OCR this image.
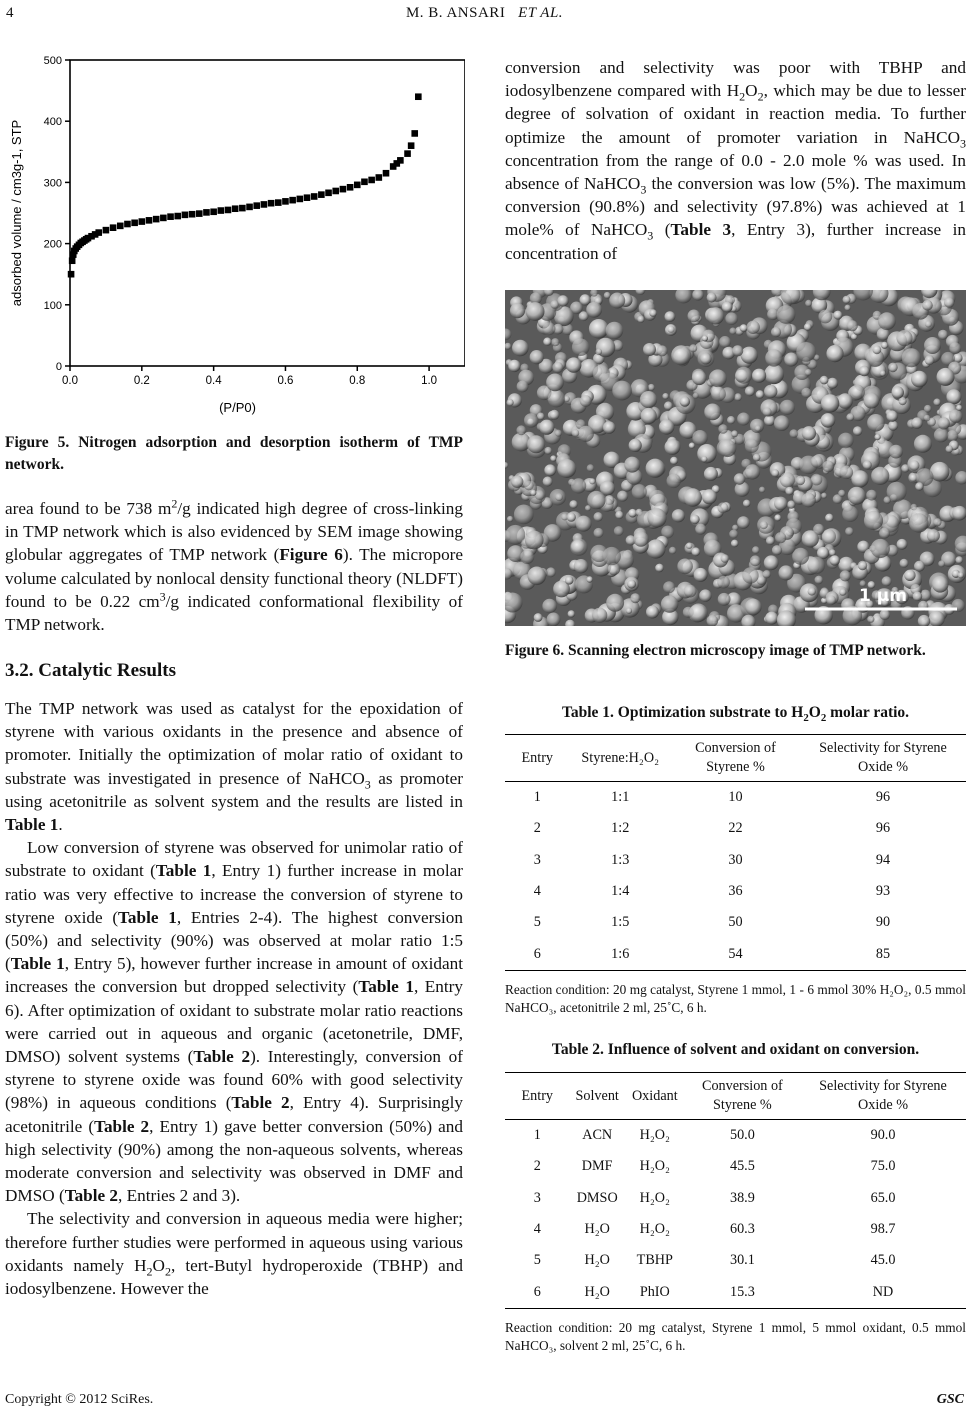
4	M. B. ANSARI ET AL.
0
100
200
300
400
500
0.0	0.2	0.4	0.6	0.8	1.0
adsorbed volume / cm3g-1, STP
(P/P0)
Figure 5. Nitrogen adsorption and desorption isotherm of TMP network.

area found to be 738 $m^2/g$ indicated high degree of cross-linking in TMP network which is also evidenced by SEM image showing globular aggregates of TMP network (Figure 6). The micropore volume calculated by nonlocal density functional theory (NLDFT) found to be 0.22 $cm^3/g$ indicated conformational flexibility of TMP network.

3.2. Catalytic Results

The TMP network was used as catalyst for the epoxidation of styrene with various oxidants in the presence and absence of promoter. Initially the optimization of molar ratio of oxidant to substrate was investigated in presence of NaHCO$_3$ as promoter using acetonitrile as solvent system and the results are listed in Table 1.

Low conversion of styrene was observed for unimolar ratio of substrate to oxidant (Table 1, Entry 1) further increase in molar ratio was very effective to increase the conversion of styrene to styrene oxide (Table 1, Entries 2-4). The highest conversion (50%) and selectivity (90%) was observed at molar ratio 1:5 (Table 1, Entry 5), however further increase in amount of oxidant increases the conversion but dropped selectivity (Table 1, Entry 6). After optimization of oxidant to substrate molar ratio reactions were carried out in aqueous and organic (acetonetrile, DMF, DMSO) solvent systems (Table 2). Interestingly, conversion of styrene to styrene oxide was found 60% with good selectivity (98%) in aqueous conditions (Table 2, Entry 4). Surprisingly acetonitrile (Table 2, Entry 1) gave better conversion (50%) and high selectivity (90%) among the non-aqueous solvents, whereas moderate conversion and selectivity was observed in DMF and DMSO (Table 2, Entries 2 and 3).

The selectivity and conversion in aqueous media were higher; therefore further studies were performed in aqueous using various oxidants namely $H_2O_2$, tert-Butyl hydroperoxide (TBHP) and iodosylbenzene. However the

conversion and selectivity was poor with TBHP and iodosylbenzene compared with $H_2O_2$, which may be due to lesser degree of solvation of oxidant in reaction media. To further optimize the amount of promoter variation in NaHCO$_3$ concentration from the range of 0.0 - 2.0 mole % was used. In absence of NaHCO$_3$ the conversion was low (5%). The maximum conversion (90.8%) and selectivity (97.8%) was achieved at 1 mole% of NaHCO$_3$ (Table 3, Entry 3), further increase in concentration of

1 μm
Figure 6. Scanning electron microscopy image of TMP network.
Table 1. Optimization substrate to $H_2O_2$ molar ratio.
Entry	Styrene:H₂O₂	Conversion of Styrene %	Selectivity for Styrene Oxide %
1	1:1	10	96
2	1:2	22	96
3	1:3	30	94
4	1:4	36	93
5	1:5	50	90
6	1:6	54	85
Reaction condition: 20 mg catalyst, Styrene 1 mmol, 1 - 6 mmol 30% H₂O₂, 0.5 mmol NaHCO₃, acetonitrile 2 ml, 25˚C, 6 h.
Table 2. Influence of solvent and oxidant on conversion.
Entry	Solvent	Oxidant	Conversion of Styrene %	Selectivity for Styrene Oxide %
1	ACN	H₂O₂	50.0	90.0
2	DMF	H₂O₂	45.5	75.0
3	DMSO	H₂O₂	38.9	65.0
4	H₂O	H₂O₂	60.3	98.7
5	H₂O	TBHP	30.1	45.0
6	H₂O	PhIO	15.3	ND
Reaction condition: 20 mg catalyst, Styrene 1 mmol, 5 mmol oxidant, 0.5 mmol NaHCO₃, solvent 2 ml, 25˚C, 6 h.
Copyright © 2012 SciRes.	GSC
